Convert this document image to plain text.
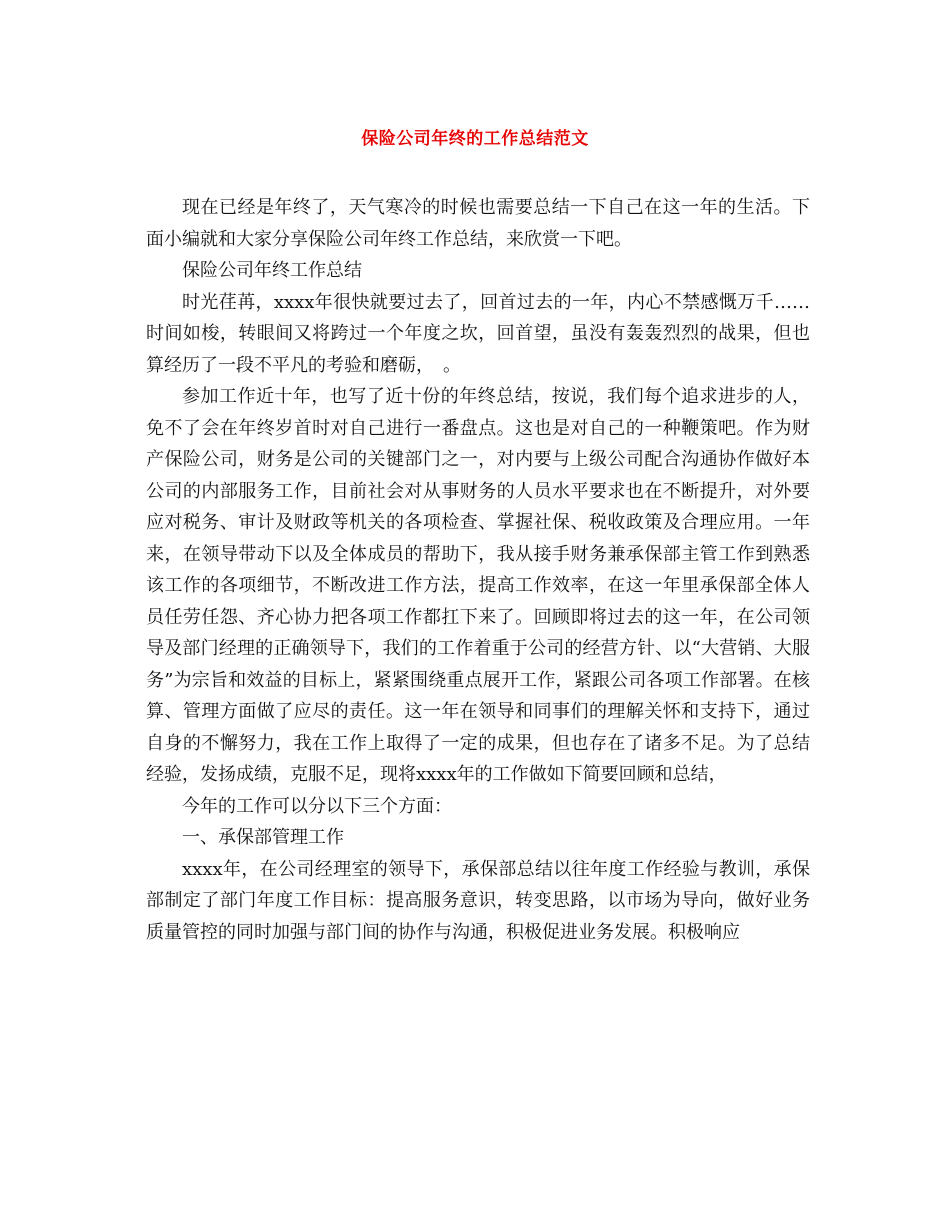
保险公司年终的工作总结范文

现在已经是年终了，天气寒冷的时候也需要总结一下自己在这一年的生活。下面小编就和大家分享保险公司年终工作总结，来欣赏一下吧。

保险公司年终工作总结

时光荏苒，xxxx年很快就要过去了，回首过去的一年，内心不禁感慨万千……时间如梭，转眼间又将跨过一个年度之坎，回首望，虽没有轰轰烈烈的战果，但也算经历了一段不平凡的考验和磨砺，　。

参加工作近十年，也写了近十份的年终总结，按说，我们每个追求进步的人，免不了会在年终岁首时对自己进行一番盘点。这也是对自己的一种鞭策吧。作为财产保险公司，财务是公司的关键部门之一，对内要与上级公司配合沟通协作做好本公司的内部服务工作，目前社会对从事财务的人员水平要求也在不断提升，对外要应对税务、审计及财政等机关的各项检查、掌握社保、税收政策及合理应用。一年来，在领导带动下以及全体成员的帮助下，我从接手财务兼承保部主管工作到熟悉该工作的各项细节，不断改进工作方法，提高工作效率，在这一年里承保部全体人员任劳任怨、齐心协力把各项工作都扛下来了。回顾即将过去的这一年，在公司领导及部门经理的正确领导下，我们的工作着重于公司的经营方针、以“大营销、大服务”为宗旨和效益的目标上，紧紧围绕重点展开工作，紧跟公司各项工作部署。在核算、管理方面做了应尽的责任。这一年在领导和同事们的理解关怀和支持下，通过自身的不懈努力，我在工作上取得了一定的成果，但也存在了诸多不足。为了总结经验，发扬成绩，克服不足，现将xxxx年的工作做如下简要回顾和总结，

今年的工作可以分以下三个方面：

一、承保部管理工作

xxxx年，在公司经理室的领导下，承保部总结以往年度工作经验与教训，承保部制定了部门年度工作目标：提高服务意识，转变思路，以市场为导向，做好业务质量管控的同时加强与部门间的协作与沟通，积极促进业务发展。积极响应
